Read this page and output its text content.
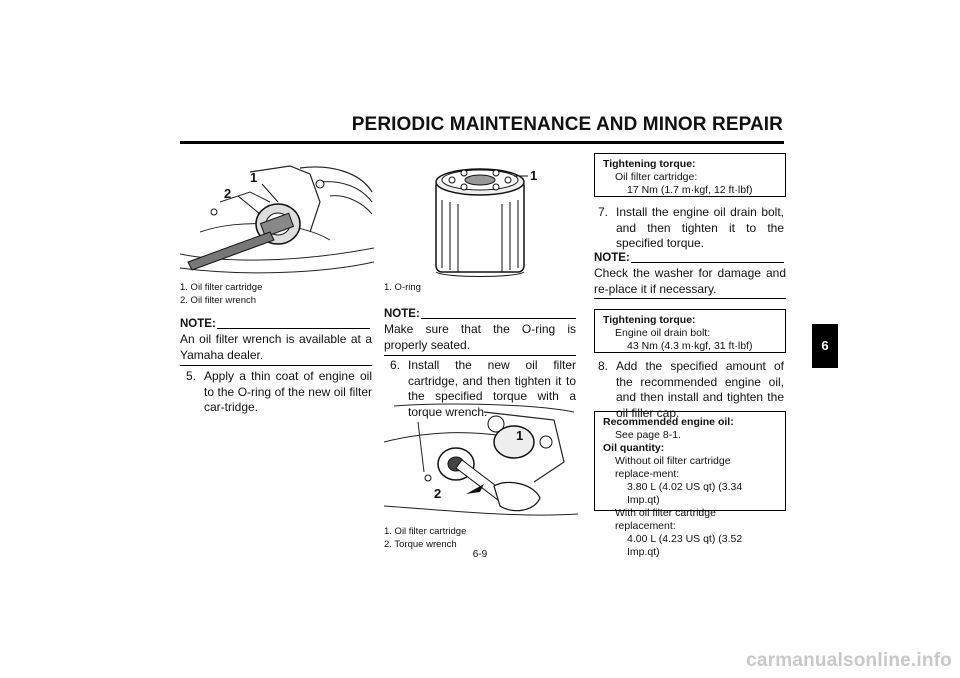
PERIODIC MAINTENANCE AND MINOR REPAIR
6
1
2
1. Oil filter cartridge
2. Oil filter wrench
NOTE:
An oil filter wrench is available at a Yamaha dealer.
5. Apply a thin coat of engine oil to the O-ring of the new oil filter car-tridge.
1
1. O-ring
NOTE:
Make sure that the O-ring is properly seated.
6. Install the new oil filter cartridge, and then tighten it to the specified torque with a torque wrench.
1
2
1. Oil filter cartridge
2. Torque wrench
Tightening torque:
Oil filter cartridge:
17 Nm (1.7 m·kgf, 12 ft·lbf)
7. Install the engine oil drain bolt, and then tighten it to the specified torque.
NOTE:
Check the washer for damage and re-place it if necessary.
Tightening torque:
Engine oil drain bolt:
43 Nm (4.3 m·kgf, 31 ft·lbf)
8. Add the specified amount of the recommended engine oil, and then install and tighten the oil filler cap.
Recommended engine oil:
See page 8-1.
Oil quantity:
Without oil filter cartridge replace-ment:
3.80 L (4.02 US qt) (3.34 Imp.qt)
With oil filter cartridge replacement:
4.00 L (4.23 US qt) (3.52 Imp.qt)
6-9
carmanualsonline.info
